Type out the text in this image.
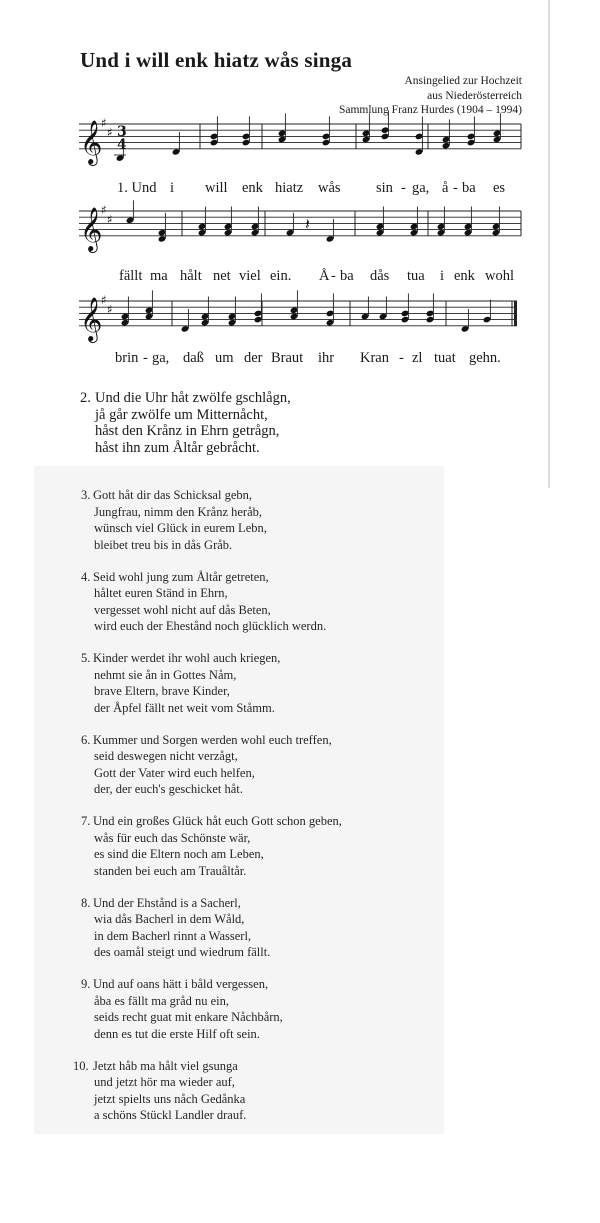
Und i will enk hiatz wås singa
Ansingelied zur Hochzeit
aus Niederösterreich
Sammlung Franz Hurdes (1904 – 1994)
𝄞
♯
♯ 3
4
𝄞
♯
♯	𝄽
𝄞
♯
♯
1. Und i will enk hiatz wås sin - ga, å - ba es
fällt ma hålt net viel ein. Å - ba dås tua i enk wohl
brin - ga, daß um der Braut ihr Kran - zl tuat gehn.
2. Und die Uhr håt zwölfe gschlågn,
jå går zwölfe um Mitternåcht,
håst den Krånz in Ehrn getrågn,
håst ihn zum Åltår gebråcht.
3. Gott håt dir das Schicksal gebn,
Jungfrau, nimm den Krånz heråb,
wünsch viel Glück in eurem Lebn,
bleibet treu bis in dås Gråb.
4. Seid wohl jung zum Åltår getreten,
håltet euren Ständ in Ehrn,
vergesset wohl nicht auf dås Beten,
wird euch der Ehestånd noch glücklich werdn.
5. Kinder werdet ihr wohl auch kriegen,
nehmt sie ån in Gottes Nåm,
brave Eltern, brave Kinder,
der Åpfel fällt net weit vom Ståmm.
6. Kummer und Sorgen werden wohl euch treffen,
seid deswegen nicht verzågt,
Gott der Vater wird euch helfen,
der, der euch's geschicket håt.
7. Und ein großes Glück håt euch Gott schon geben,
wås für euch das Schönste wär,
es sind die Eltern noch am Leben,
standen bei euch am Trauåltår.
8. Und der Ehstånd is a Sacherl,
wia dås Bacherl in dem Wåld,
in dem Bacherl rinnt a Wasserl,
des oamål steigt und wiedrum fällt.
9. Und auf oans hätt i båld vergessen,
åba es fällt ma gråd nu ein,
seids recht guat mit enkare Nåchbårn,
denn es tut die erste Hilf oft sein.
10. Jetzt håb ma hålt viel gsunga
und jetzt hör ma wieder auf,
jetzt spielts uns nåch Gedånka
a schöns Stückl Landler drauf.
